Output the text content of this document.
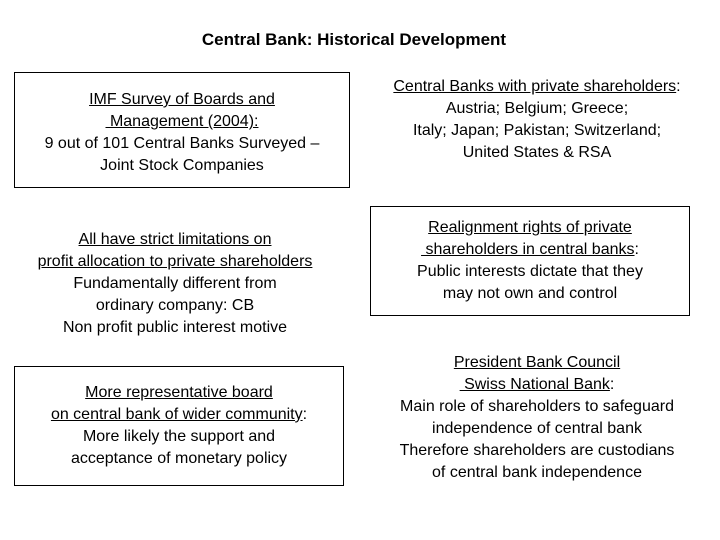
Central Bank: Historical Development
IMF Survey of Boards and
Management (2004):
9 out of 101 Central Banks Surveyed –
Joint Stock Companies
Central Banks with private shareholders:
Austria; Belgium; Greece;
Italy; Japan; Pakistan; Switzerland;
United States & RSA
All have strict limitations on
profit allocation to private shareholders
Fundamentally different from
ordinary company: CB
Non profit public interest motive
Realignment rights of private
shareholders in central banks:
Public interests dictate that they
may not own and control
More representative board
on central bank of wider community:
More likely the support and
acceptance of monetary policy
President Bank Council
Swiss National Bank:
Main role of shareholders to safeguard
independence of central bank
Therefore shareholders are custodians
of central bank independence
